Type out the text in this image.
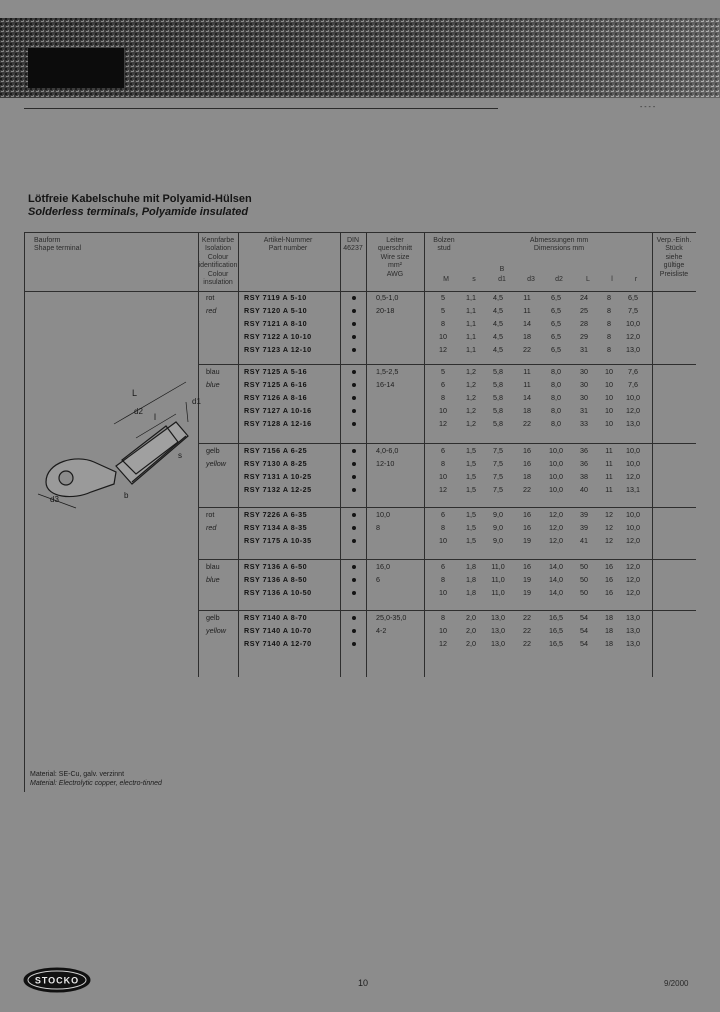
- - - -
Lötfreie Kabelschuhe mit Polyamid-Hülsen
Solderless terminals, Polyamide insulated
Bauform
Shape terminal
Kennfarbe Isolation
Colour identification
Colour
insulation
Artikel-Nummer
Part number
DIN
46237
Leiter
querschnitt
Wire size
mm²
AWG
Bolzen
stud
Abmessungen mm
Dimensions mm
M	s
B
d1	d3	d2	L	l	r
Verp.-Einh.
Stück
siehe
gültige
Preisliste
rot
red
0,5-1,0
20-18
RSY 7119 A 5-10	5	1,1	4,5	11	6,5	24	8	6,5
RSY 7120 A 5-10	5	1,1	4,5	11	6,5	25	8	7,5
RSY 7121 A 8-10	8	1,1	4,5	14	6,5	28	8	10,0
RSY 7122 A 10-10	10	1,1	4,5	18	6,5	29	8	12,0
RSY 7123 A 12-10	12	1,1	4,5	22	6,5	31	8	13,0
blau
blue
1,5-2,5
16-14
RSY 7125 A 5-16	5	1,2	5,8	11	8,0	30	10	7,6
RSY 7125 A 6-16	6	1,2	5,8	11	8,0	30	10	7,6
RSY 7126 A 8-16	8	1,2	5,8	14	8,0	30	10	10,0
RSY 7127 A 10-16	10	1,2	5,8	18	8,0	31	10	12,0
RSY 7128 A 12-16	12	1,2	5,8	22	8,0	33	10	13,0
gelb
yellow
4,0-6,0
12-10
RSY 7156 A 6-25	6	1,5	7,5	16	10,0	36	11	10,0
RSY 7130 A 8-25	8	1,5	7,5	16	10,0	36	11	10,0
RSY 7131 A 10-25	10	1,5	7,5	18	10,0	38	11	12,0
RSY 7132 A 12-25	12	1,5	7,5	22	10,0	40	11	13,1
rot
red
10,0
8
RSY 7226 A 6-35	6	1,5	9,0	16	12,0	39	12	10,0
RSY 7134 A 8-35	8	1,5	9,0	16	12,0	39	12	10,0
RSY 7175 A 10-35	10	1,5	9,0	19	12,0	41	12	12,0
blau
blue
16,0
6
RSY 7136 A 6-50	6	1,8	11,0	16	14,0	50	16	12,0
RSY 7136 A 8-50	8	1,8	11,0	19	14,0	50	16	12,0
RSY 7136 A 10-50	10	1,8	11,0	19	14,0	50	16	12,0
gelb
yellow
25,0-35,0
4-2
RSY 7140 A 8-70	8	2,0	13,0	22	16,5	54	18	13,0
RSY 7140 A 10-70	10	2,0	13,0	22	16,5	54	18	13,0
RSY 7140 A 12-70	12	2,0	13,0	22	16,5	54	18	13,0
L
l
d2
d1
d3	b
s
Material: SE-Cu, galv. verzinnt
Material: Electrolytic copper, electro-tinned
STOCKO	10	9/2000
